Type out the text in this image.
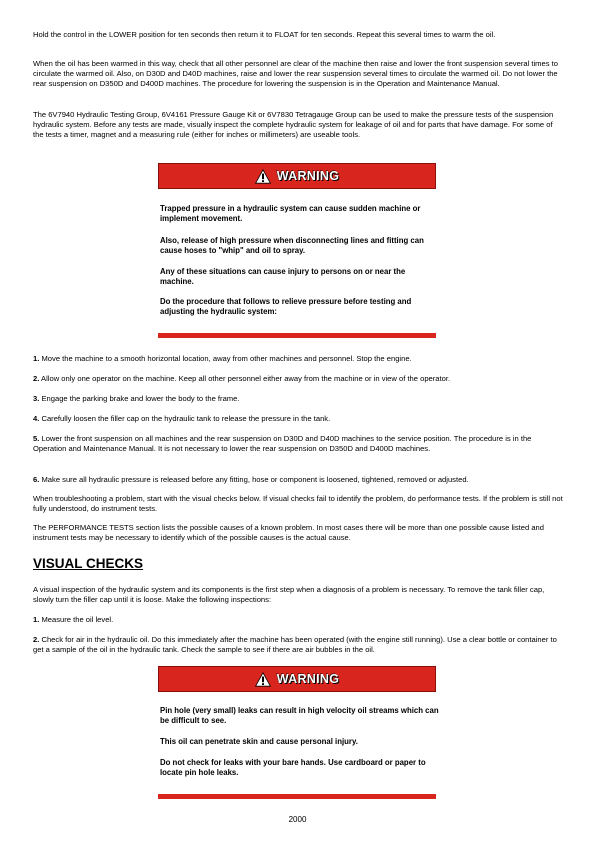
Hold the control in the LOWER position for ten seconds then return it to FLOAT for ten seconds. Repeat this several times to warm the oil.

When the oil has been warmed in this way, check that all other personnel are clear of the machine then raise and lower the front suspension several times to circulate the warmed oil. Also, on D30D and D40D machines, raise and lower the rear suspension several times to circulate the warmed oil. Do not lower the rear suspension on D350D and D400D machines. The procedure for lowering the suspension is in the Operation and Maintenance Manual.

The 6V7940 Hydraulic Testing Group, 6V4161 Pressure Gauge Kit or 6V7830 Tetragauge Group can be used to make the pressure tests of the suspension hydraulic system. Before any tests are made, visually inspect the complete hydraulic system for leakage of oil and for parts that have damage. For some of the tests a timer, magnet and a measuring rule (either for inches or millimeters) are useable tools.

WARNING

Trapped pressure in a hydraulic system can cause sudden machine or implement movement.

Also, release of high pressure when disconnecting lines and fitting can cause hoses to "whip" and oil to spray.

Any of these situations can cause injury to persons on or near the machine.

Do the procedure that follows to relieve pressure before testing and adjusting the hydraulic system:

1. Move the machine to a smooth horizontal location, away from other machines and personnel. Stop the engine.

2. Allow only one operator on the machine. Keep all other personnel either away from the machine or in view of the operator.

3. Engage the parking brake and lower the body to the frame.

4. Carefully loosen the filler cap on the hydraulic tank to release the pressure in the tank.

5. Lower the front suspension on all machines and the rear suspension on D30D and D40D machines to the service position. The procedure is in the Operation and Maintenance Manual. It is not necessary to lower the rear suspension on D350D and D400D machines.

6. Make sure all hydraulic pressure is released before any fitting, hose or component is loosened, tightened, removed or adjusted.

When troubleshooting a problem, start with the visual checks below. If visual checks fail to identify the problem, do performance tests. If the problem is still not fully understood, do instrument tests.

The PERFORMANCE TESTS section lists the possible causes of a known problem. In most cases there will be more than one possible cause listed and instrument tests may be necessary to identify which of the possible causes is the actual cause.

VISUAL CHECKS

A visual inspection of the hydraulic system and its components is the first step when a diagnosis of a problem is necessary. To remove the tank filler cap, slowly turn the filler cap until it is loose. Make the following inspections:

1. Measure the oil level.

2. Check for air in the hydraulic oil. Do this immediately after the machine has been operated (with the engine still running). Use a clear bottle or container to get a sample of the oil in the hydraulic tank. Check the sample to see if there are air bubbles in the oil.

WARNING

Pin hole (very small) leaks can result in high velocity oil streams which can be difficult to see.

This oil can penetrate skin and cause personal injury.

Do not check for leaks with your bare hands. Use cardboard or paper to locate pin hole leaks.

2000
